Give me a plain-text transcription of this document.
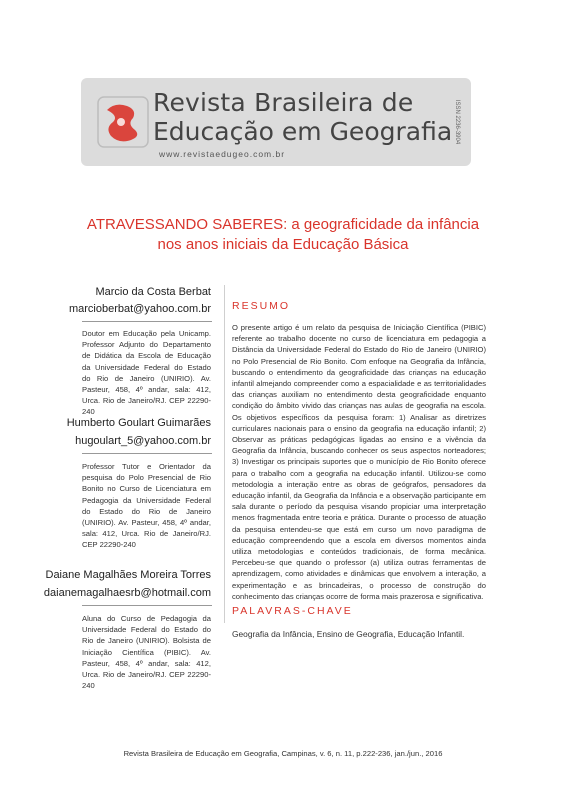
Revista Brasileira de
Educação em Geografia
www.revistaedugeo.com.br
ISSN 2236-3904
ATRAVESSANDO SABERES: a geograficidade da infância
nos anos iniciais da Educação Básica
Marcio da Costa Berbat
marcioberbat@yahoo.com.br
Doutor em Educação pela Unicamp. Professor Adjunto do Departamento de Didática da Escola de Educação da Universidade Federal do Estado do Rio de Janeiro (UNIRIO). Av. Pasteur, 458, 4º andar, sala: 412, Urca. Rio de Janeiro/RJ. CEP 22290-240
Humberto Goulart Guimarães
hugoulart_5@yahoo.com.br
Professor Tutor e Orientador da pesquisa do Polo Presencial de Rio Bonito no Curso de Licenciatura em Pedagogia da Universidade Federal do Estado do Rio de Janeiro (UNIRIO). Av. Pasteur, 458, 4º andar, sala: 412, Urca. Rio de Janeiro/RJ. CEP 22290-240
Daiane Magalhães Moreira Torres
daianemagalhaesrb@hotmail.com
Aluna do Curso de Pedagogia da Universidade Federal do Estado do Rio de Janeiro (UNIRIO). Bolsista de Iniciação Científica (PIBIC). Av. Pasteur, 458, 4º andar, sala: 412, Urca. Rio de Janeiro/RJ. CEP 22290-240
RESUMO
O presente artigo é um relato da pesquisa de Iniciação Científica (PIBIC) referente ao trabalho docente no curso de licenciatura em pedagogia a Distância da Universidade Federal do Estado do Rio de Janeiro (UNIRIO) no Polo Presencial de Rio Bonito. Com enfoque na Geografia da Infância, buscando o entendimento da geograficidade das crianças na educação infantil almejando compreender como a espacialidade e as territorialidades das crianças auxiliam no entendimento desta geograficidade enquanto condição do âmbito vivido das crianças nas aulas de geografia na escola. Os objetivos específicos da pesquisa foram: 1) Analisar as diretrizes curriculares nacionais para o ensino da geografia na educação infantil; 2) Observar as práticas pedagógicas ligadas ao ensino e a vivência da Geografia da Infância, buscando conhecer os seus aspectos norteadores; 3) Investigar os principais suportes que o município de Rio Bonito oferece para o trabalho com a geografia na educação infantil. Utilizou-se como metodologia a interação entre as obras de geógrafos, pensadores da educação infantil, da Geografia da Infância e a observação participante em sala durante o período da pesquisa visando propiciar uma interpretação menos fragmentada entre teoria e prática. Durante o processo de atuação da pesquisa entendeu-se que está em curso um novo paradigma de educação compreendendo que a escola em diversos momentos ainda utiliza metodologias e conteúdos tradicionais, de forma mecânica. Percebeu-se que quando o professor (a) utiliza outras ferramentas de aprendizagem, como atividades e dinâmicas que envolvem a interação, a experimentação e as brincadeiras, o processo de construção do conhecimento das crianças ocorre de forma mais prazerosa e significativa.
PALAVRAS-CHAVE
Geografia da Infância, Ensino de Geografia, Educação Infantil.
Revista Brasileira de Educação em Geografia, Campinas, v. 6, n. 11, p.222-236, jan./jun., 2016
